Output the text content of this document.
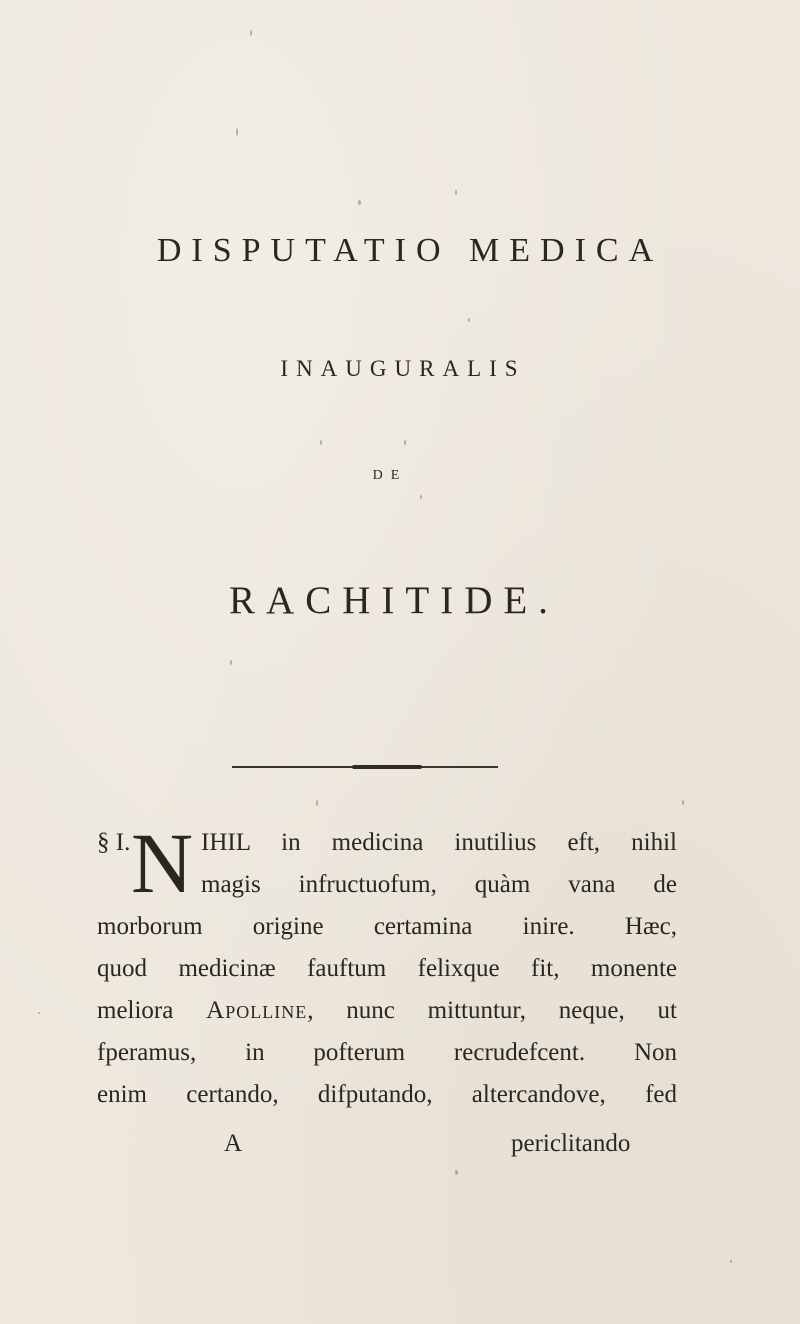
DISPUTATIO MEDICA
INAUGURALIS
DE
RACHITIDE.
§ I. N IHIL in medicina inutilius eft, nihil
magis infructuofum, quàm vana de
morborum origine certamina inire. Hæc,
quod medicinæ fauftum felixque fit, monente
meliora Apolline, nunc mittuntur, neque, ut
fperamus, in pofterum recrudefcent. Non
enim certando, difputando, altercandove, fed
A	periclitando
